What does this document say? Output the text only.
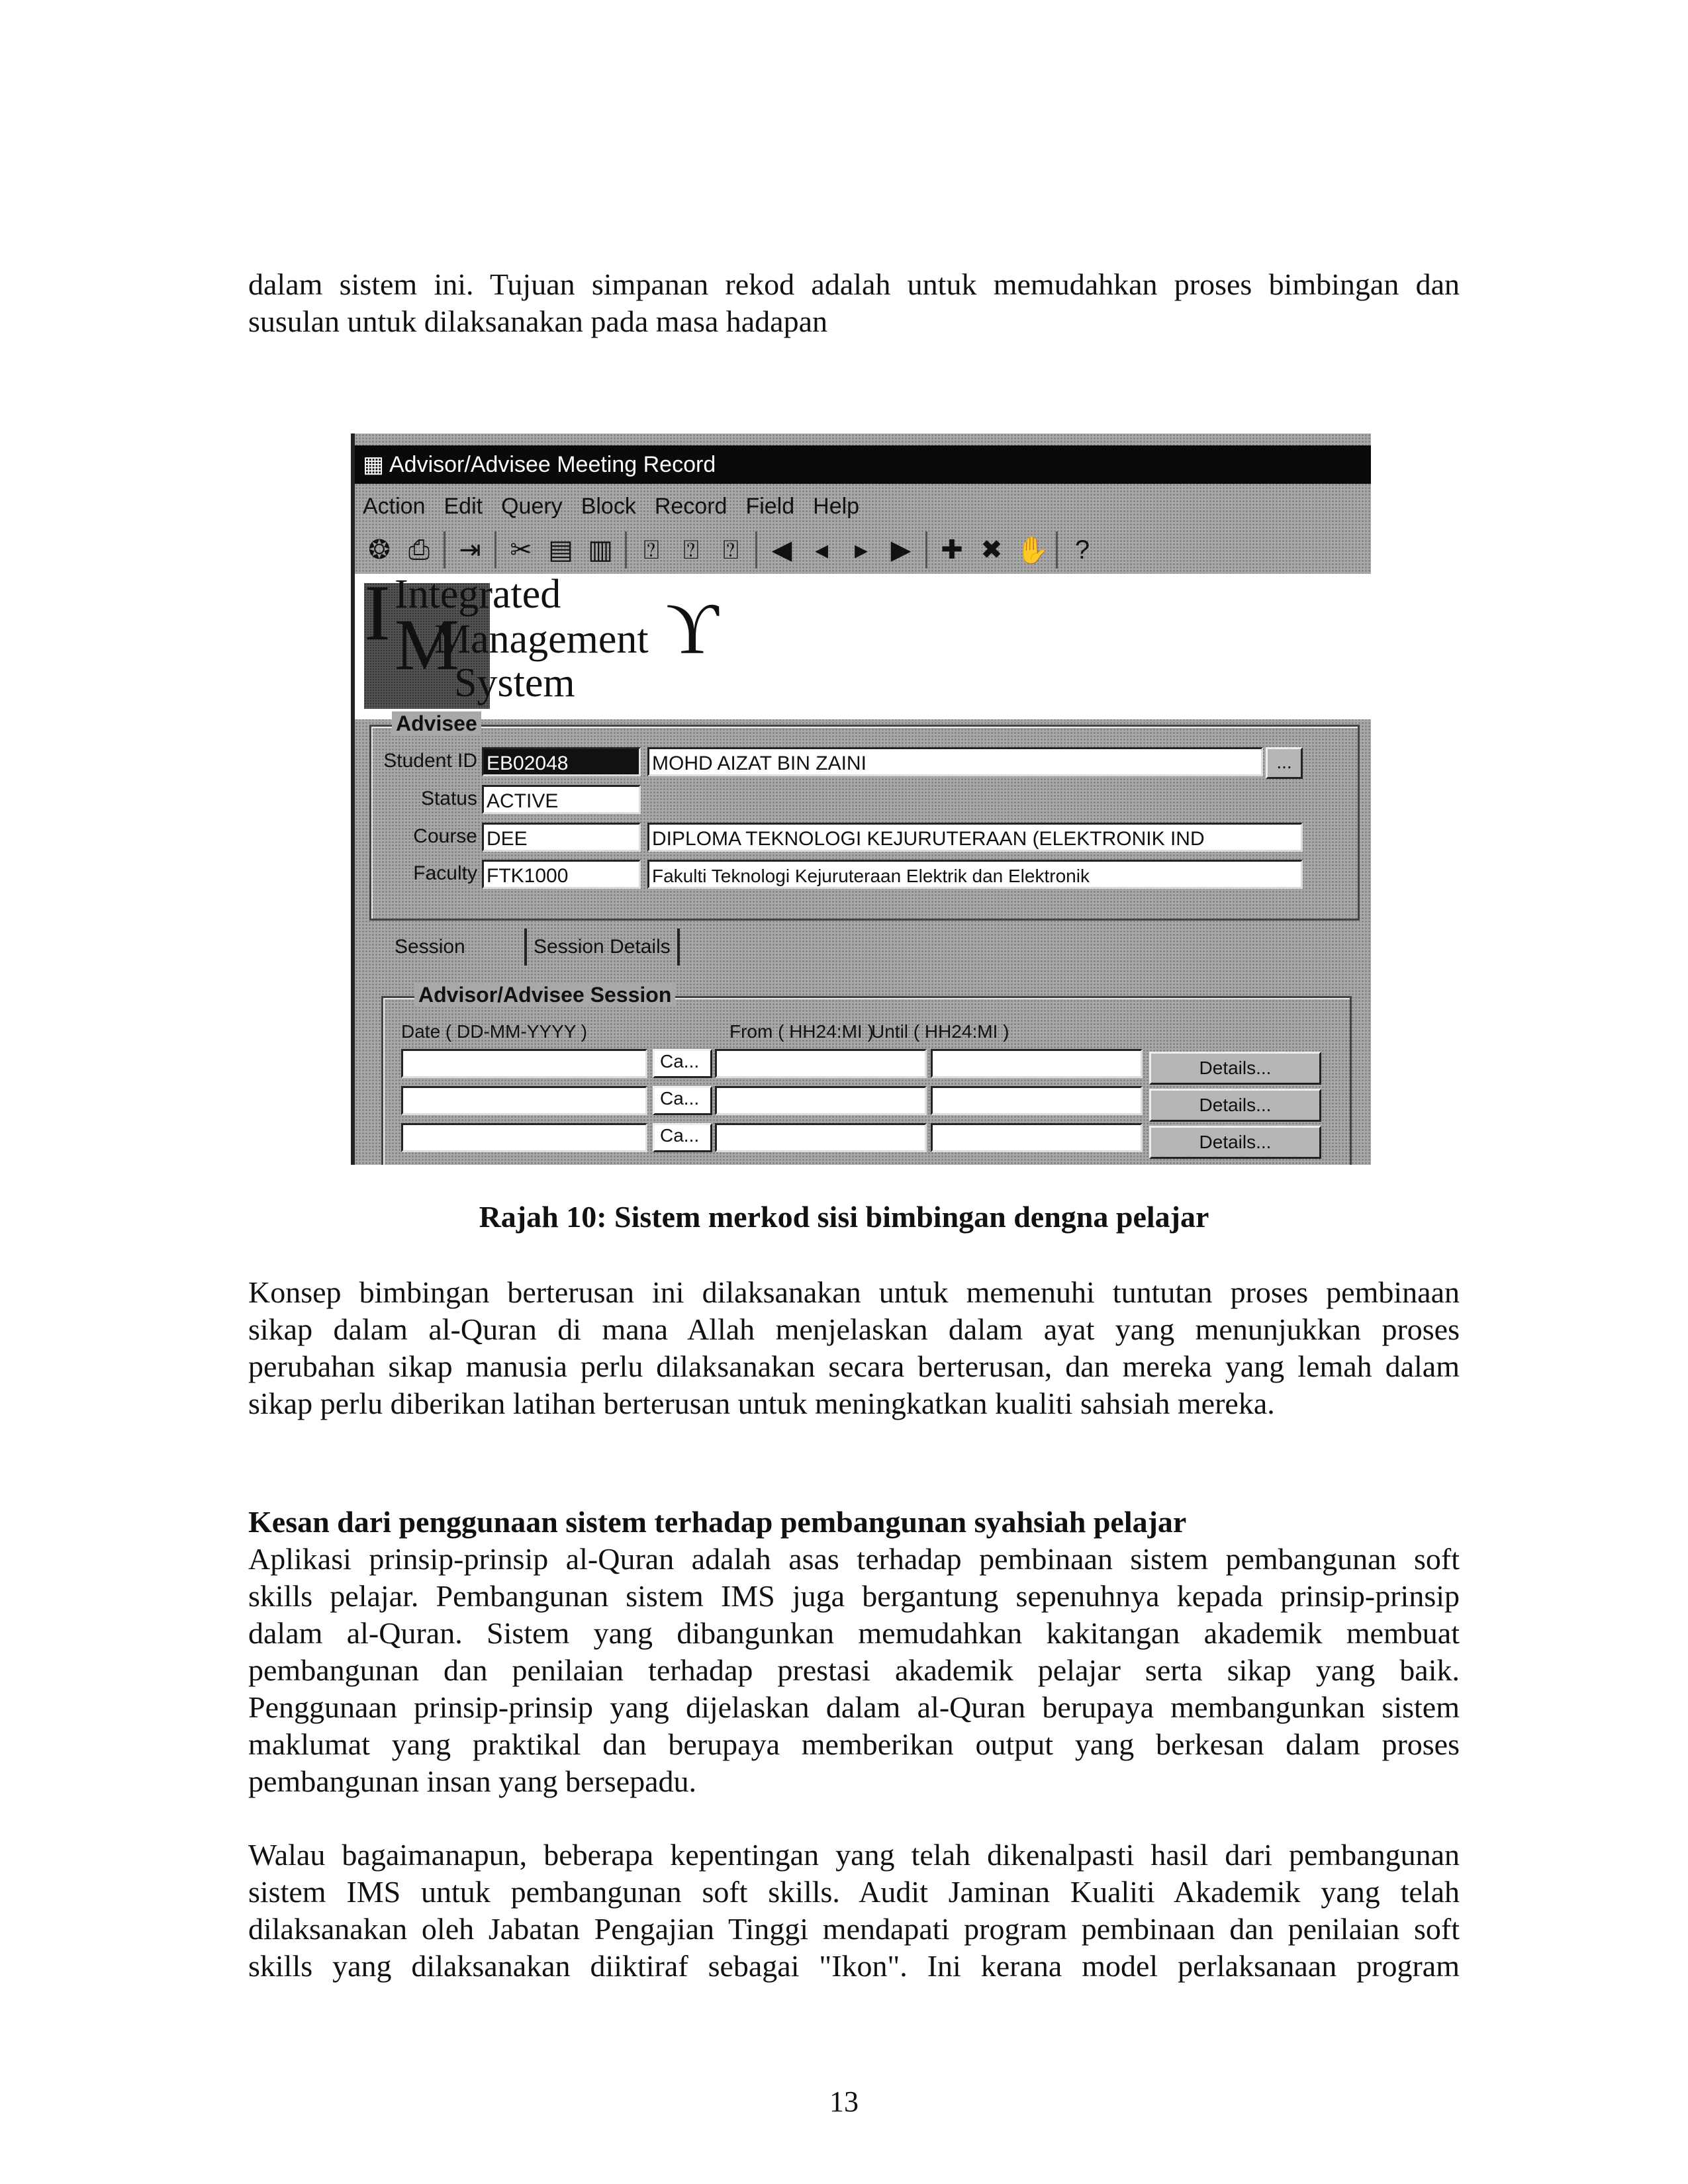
dalam sistem ini. Tujuan simpanan rekod adalah untuk memudahkan proses bimbingan dan
susulan untuk dilaksanakan pada masa hadapan
▦ Advisor/Advisee Meeting Record
Action Edit Query Block Record Field Help
❂ ⎙ ⇥ ✂ ▤ ▥ ⍰ ⍰ ⍰ ◀ ◂ ▸ ▶ ✚ ✖ ✋ ?
I Integrated
M
Management
System
ϒ
Advisee
Student ID EB02048	MOHD AIZAT BIN ZAINI	...
Status ACTIVE
Course DEE	DIPLOMA TEKNOLOGI KEJURUTERAAN (ELEKTRONIK IND
Faculty FTK1000	Fakulti Teknologi Kejuruteraan Elektrik dan Elektronik
Session	Session Details
Advisor/Advisee Session
Date ( DD-MM-YYYY )	From ( HH24:MI )
Until ( HH24:MI )
Ca...	Details...
Ca...	Details...
Ca...	Details...
Rajah 10: Sistem merkod sisi bimbingan dengna pelajar
Konsep bimbingan berterusan ini dilaksanakan untuk memenuhi tuntutan proses pembinaan
sikap dalam al-Quran di mana Allah menjelaskan dalam ayat yang menunjukkan proses
perubahan sikap manusia perlu dilaksanakan secara berterusan, dan mereka yang lemah dalam
sikap perlu diberikan latihan berterusan untuk meningkatkan kualiti sahsiah mereka.
Kesan dari penggunaan sistem terhadap pembangunan syahsiah pelajar
Aplikasi prinsip-prinsip al-Quran adalah asas terhadap pembinaan sistem pembangunan soft
skills pelajar. Pembangunan sistem IMS juga bergantung sepenuhnya kepada prinsip-prinsip
dalam al-Quran. Sistem yang dibangunkan memudahkan kakitangan akademik membuat
pembangunan dan penilaian terhadap prestasi akademik pelajar serta sikap yang baik.
Penggunaan prinsip-prinsip yang dijelaskan dalam al-Quran berupaya membangunkan sistem
maklumat yang praktikal dan berupaya memberikan output yang berkesan dalam proses
pembangunan insan yang bersepadu.
Walau bagaimanapun, beberapa kepentingan yang telah dikenalpasti hasil dari pembangunan
sistem IMS untuk pembangunan soft skills. Audit Jaminan Kualiti Akademik yang telah
dilaksanakan oleh Jabatan Pengajian Tinggi mendapati program pembinaan dan penilaian soft
skills yang dilaksanakan diiktiraf sebagai "Ikon". Ini kerana model perlaksanaan program
13
